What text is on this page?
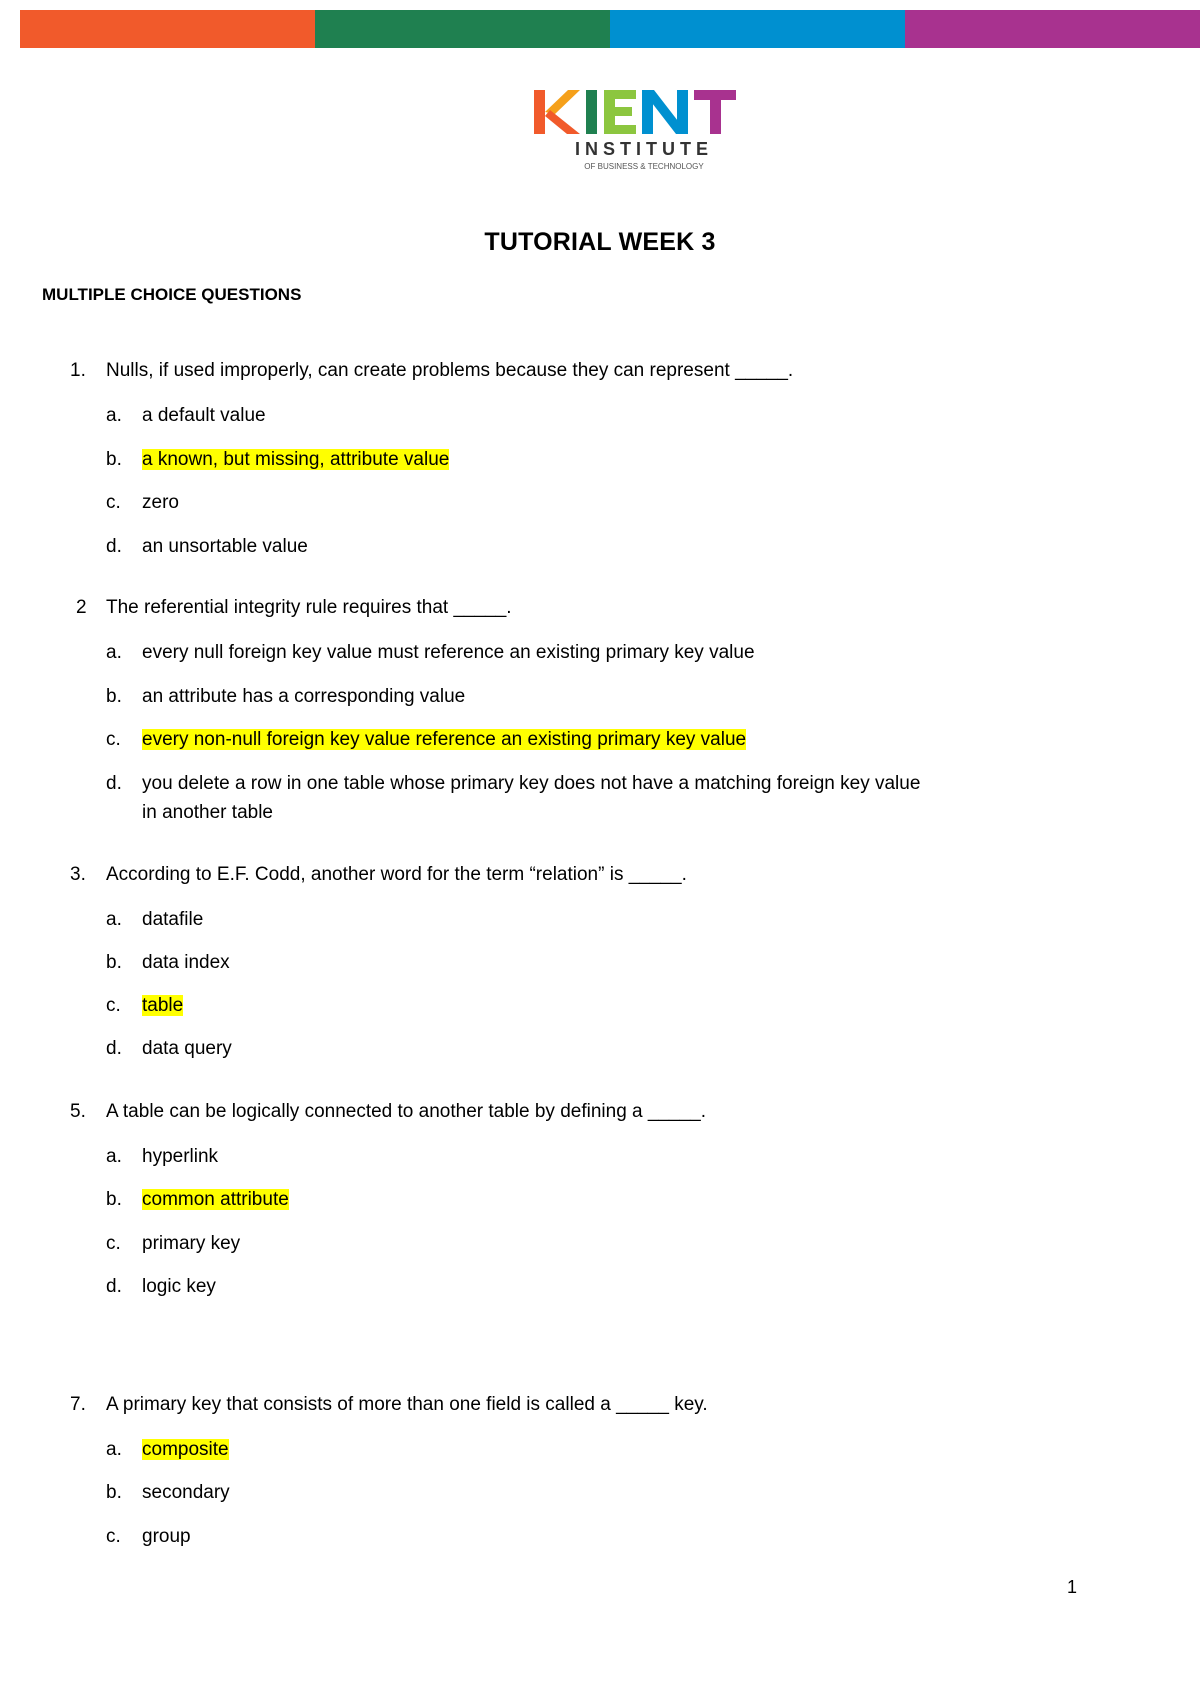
INSTITUTE
OF BUSINESS & TECHNOLOGY
TUTORIAL WEEK 3
MULTIPLE CHOICE QUESTIONS
1. Nulls, if used improperly, can create problems because they can represent _____.
a. a default value
b. a known, but missing, attribute value
c. zero
d. an unsortable value
2 The referential integrity rule requires that _____.
a. every null foreign key value must reference an existing primary key value
b. an attribute has a corresponding value
c. every non-null foreign key value reference an existing primary key value
d.	you delete a row in one table whose primary key does not have a matching foreign key value in another table
3. According to E.F. Codd, another word for the term “relation” is _____.
a. datafile
b. data index
c. table
d. data query
5. A table can be logically connected to another table by defining a _____.
a. hyperlink
b. common attribute
c. primary key
d. logic key
7. A primary key that consists of more than one field is called a _____ key.
a. composite
b. secondary
c. group
1
